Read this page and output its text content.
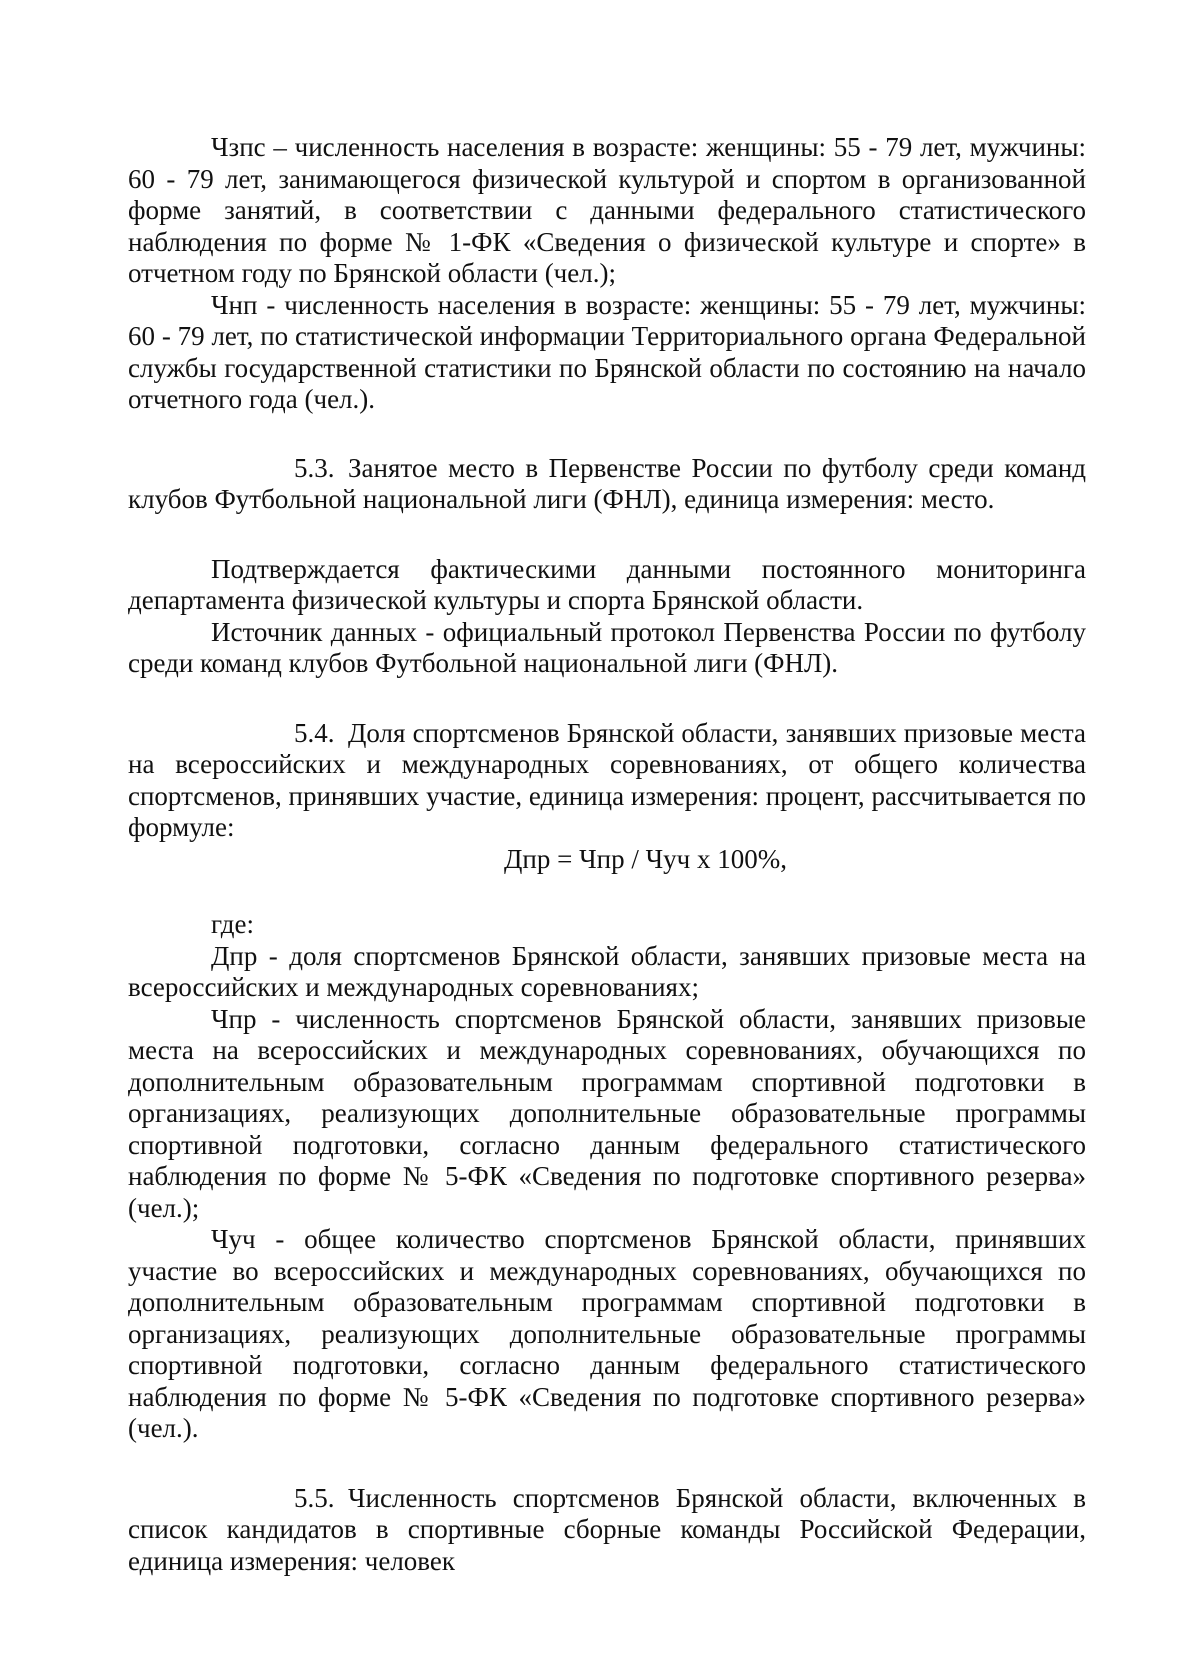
Чзпс – численность населения в возрасте: женщины: 55 - 79 лет, мужчины: 60 - 79 лет, занимающегося физической культурой и спортом в организованной форме занятий, в соответствии с данными федерального статистического наблюдения по форме № 1-ФК «Сведения о физической культуре и спорте» в отчетном году по Брянской области (чел.);

Чнп - численность населения в возрасте: женщины: 55 - 79 лет, мужчины: 60 - 79 лет, по статистической информации Территориального органа Федеральной службы государственной статистики по Брянской области по состоянию на начало отчетного года (чел.).

5.3. Занятое место в Первенстве России по футболу среди команд клубов Футбольной национальной лиги (ФНЛ), единица измерения: место.

Подтверждается фактическими данными постоянного мониторинга департамента физической культуры и спорта Брянской области.

Источник данных - официальный протокол Первенства России по футболу среди команд клубов Футбольной национальной лиги (ФНЛ).

5.4. Доля спортсменов Брянской области, занявших призовые места на всероссийских и международных соревнованиях, от общего количества спортсменов, принявших участие, единица измерения: процент, рассчитывается по формуле:

Дпр = Чпр / Чуч х 100%,

где:

Дпр - доля спортсменов Брянской области, занявших призовые места на всероссийских и международных соревнованиях;

Чпр - численность спортсменов Брянской области, занявших призовые места на всероссийских и международных соревнованиях, обучающихся по дополнительным образовательным программам спортивной подготовки в организациях, реализующих дополнительные образовательные программы спортивной подготовки, согласно данным федерального статистического наблюдения по форме № 5-ФК «Сведения по подготовке спортивного резерва» (чел.);

Чуч - общее количество спортсменов Брянской области, принявших участие во всероссийских и международных соревнованиях, обучающихся по дополнительным образовательным программам спортивной подготовки в организациях, реализующих дополнительные образовательные программы спортивной подготовки, согласно данным федерального статистического наблюдения по форме № 5-ФК «Сведения по подготовке спортивного резерва» (чел.).

5.5. Численность спортсменов Брянской области, включенных в список кандидатов в спортивные сборные команды Российской Федерации, единица измерения: человек
